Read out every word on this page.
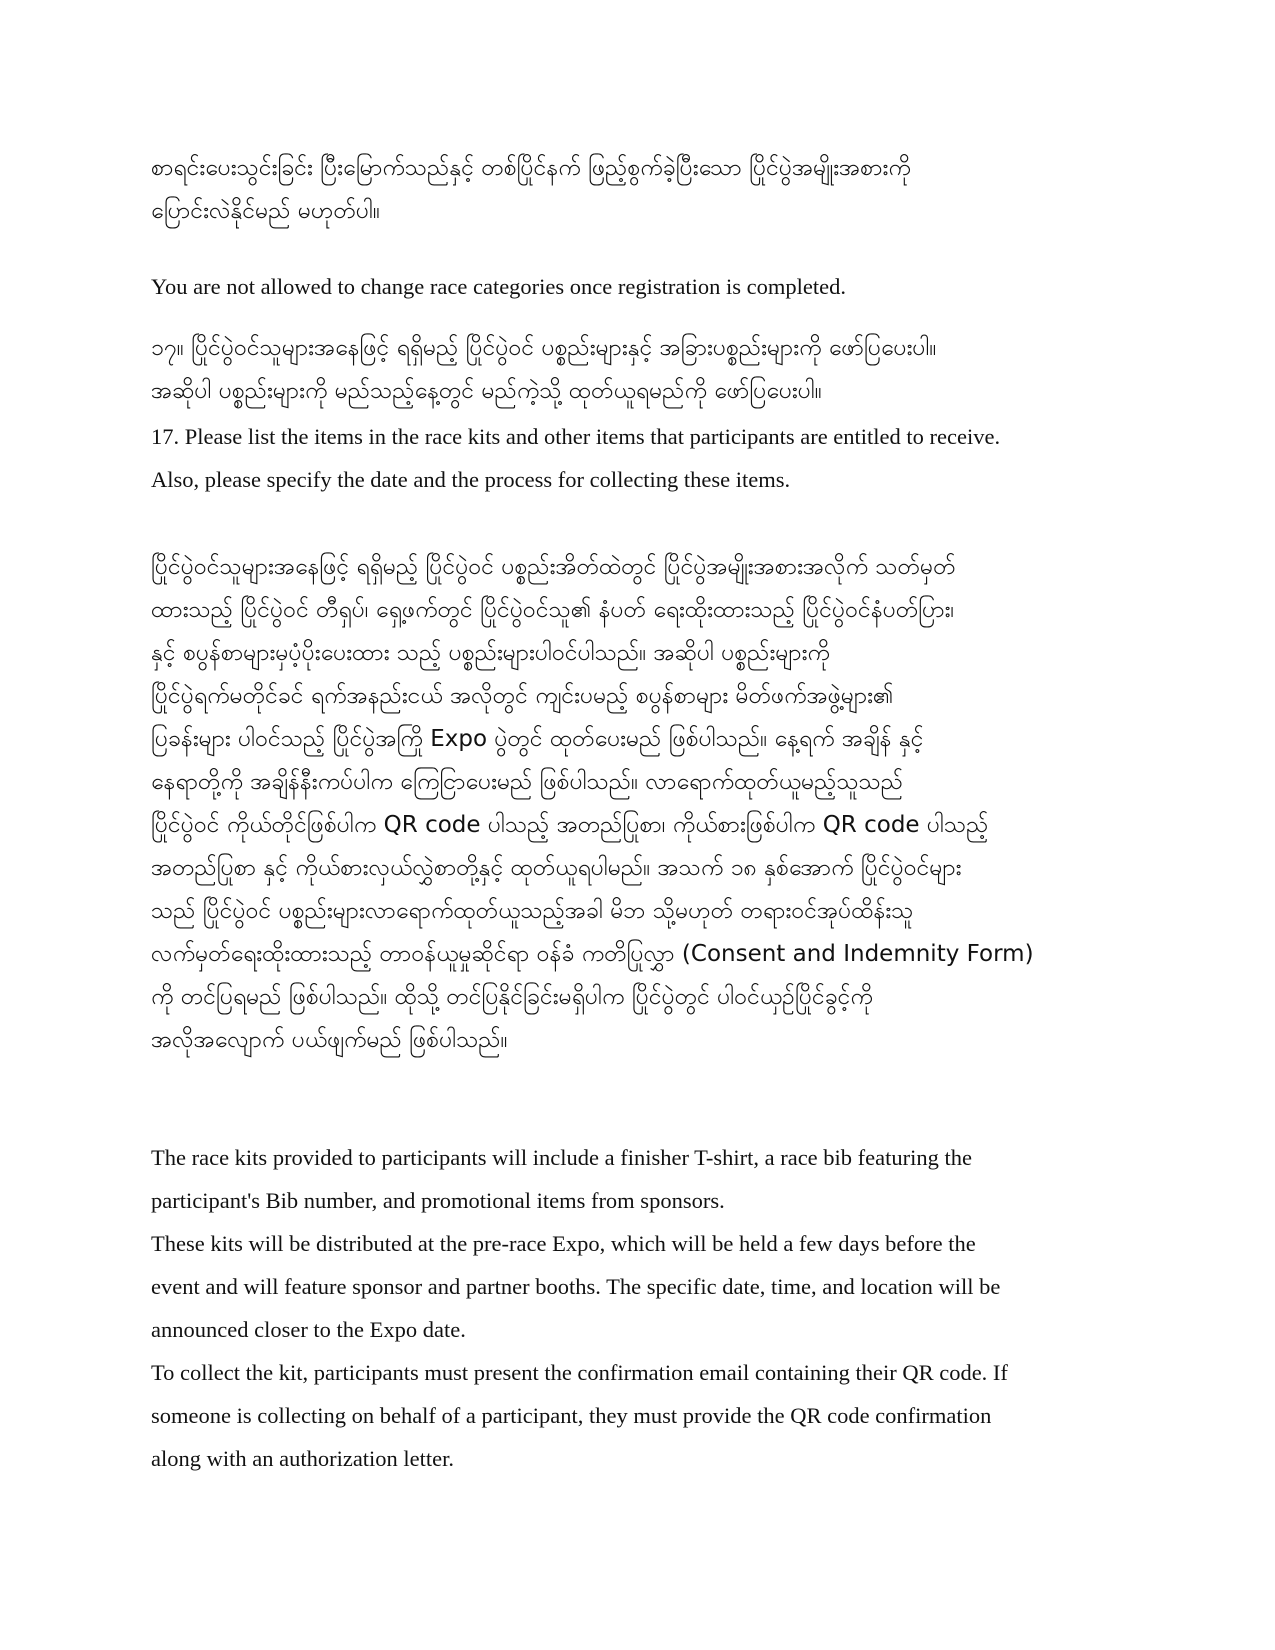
စာရင်းပေးသွင်းခြင်း ပြီးမြောက်သည်နှင့် တစ်ပြိုင်နက် ဖြည့်စွက်ခဲ့ပြီးသော ပြိုင်ပွဲအမျိုးအစားကို
ပြောင်းလဲနိုင်မည် မဟုတ်ပါ။

You are not allowed to change race categories once registration is completed.

၁၇။ ပြိုင်ပွဲဝင်သူများအနေဖြင့် ရရှိမည့် ပြိုင်ပွဲဝင် ပစ္စည်းများနှင့် အခြားပစ္စည်းများကို ဖော်ပြပေးပါ။
အဆိုပါ ပစ္စည်းများကို မည်သည့်နေ့တွင် မည်ကဲ့သို့ ထုတ်ယူရမည်ကို ဖော်ပြပေးပါ။

17. Please list the items in the race kits and other items that participants are entitled to receive.
Also, please specify the date and the process for collecting these items.

ပြိုင်ပွဲဝင်သူများအနေဖြင့် ရရှိမည့် ပြိုင်ပွဲဝင် ပစ္စည်းအိတ်ထဲတွင် ပြိုင်ပွဲအမျိုးအစားအလိုက် သတ်မှတ်
ထားသည့် ပြိုင်ပွဲဝင် တီရှပ်၊ ရှေ့ဖက်တွင် ပြိုင်ပွဲဝင်သူ၏ နံပတ် ရေးထိုးထားသည့် ပြိုင်ပွဲဝင်နံပတ်ပြား၊
နှင့် စပွန်စာများမှပံ့ပိုးပေးထား သည့် ပစ္စည်းများပါဝင်ပါသည်။ အဆိုပါ ပစ္စည်းများကို
ပြိုင်ပွဲရက်မတိုင်ခင် ရက်အနည်းငယ် အလိုတွင် ကျင်းပမည့် စပွန်စာများ မိတ်ဖက်အဖွဲ့များ၏
ပြခန်းများ ပါဝင်သည့် ပြိုင်ပွဲအကြို Expo ပွဲတွင် ထုတ်ပေးမည် ဖြစ်ပါသည်။ နေ့ရက် အချိန် နှင့်
နေရာတို့ကို အချိန်နီးကပ်ပါက ကြေငြာပေးမည် ဖြစ်ပါသည်။ လာရောက်ထုတ်ယူမည့်သူသည်
ပြိုင်ပွဲဝင် ကိုယ်တိုင်ဖြစ်ပါက QR code ပါသည့် အတည်ပြုစာ၊ ကိုယ်စားဖြစ်ပါက QR code ပါသည့်
အတည်ပြုစာ နှင့် ကိုယ်စားလှယ်လွှဲစာတို့နှင့် ထုတ်ယူရပါမည်။ အသက် ၁၈ နှစ်အောက် ပြိုင်ပွဲဝင်များ
သည် ပြိုင်ပွဲဝင် ပစ္စည်းများလာရောက်ထုတ်ယူသည့်အခါ မိဘ သို့မဟုတ် တရားဝင်အုပ်ထိန်းသူ
လက်မှတ်ရေးထိုးထားသည့် တာဝန်ယူမှုဆိုင်ရာ ဝန်ခံ ကတိပြုလွှာ (Consent and Indemnity Form)
ကို တင်ပြရမည် ဖြစ်ပါသည်။ ထိုသို့ တင်ပြနိုင်ခြင်းမရှိပါက ပြိုင်ပွဲတွင် ပါဝင်ယှဉ်ပြိုင်ခွင့်ကို
အလိုအလျောက် ပယ်ဖျက်မည် ဖြစ်ပါသည်။

The race kits provided to participants will include a finisher T-shirt, a race bib featuring the
participant's Bib number, and promotional items from sponsors.
These kits will be distributed at the pre-race Expo, which will be held a few days before the
event and will feature sponsor and partner booths. The specific date, time, and location will be
announced closer to the Expo date.
To collect the kit, participants must present the confirmation email containing their QR code. If
someone is collecting on behalf of a participant, they must provide the QR code confirmation
along with an authorization letter.
